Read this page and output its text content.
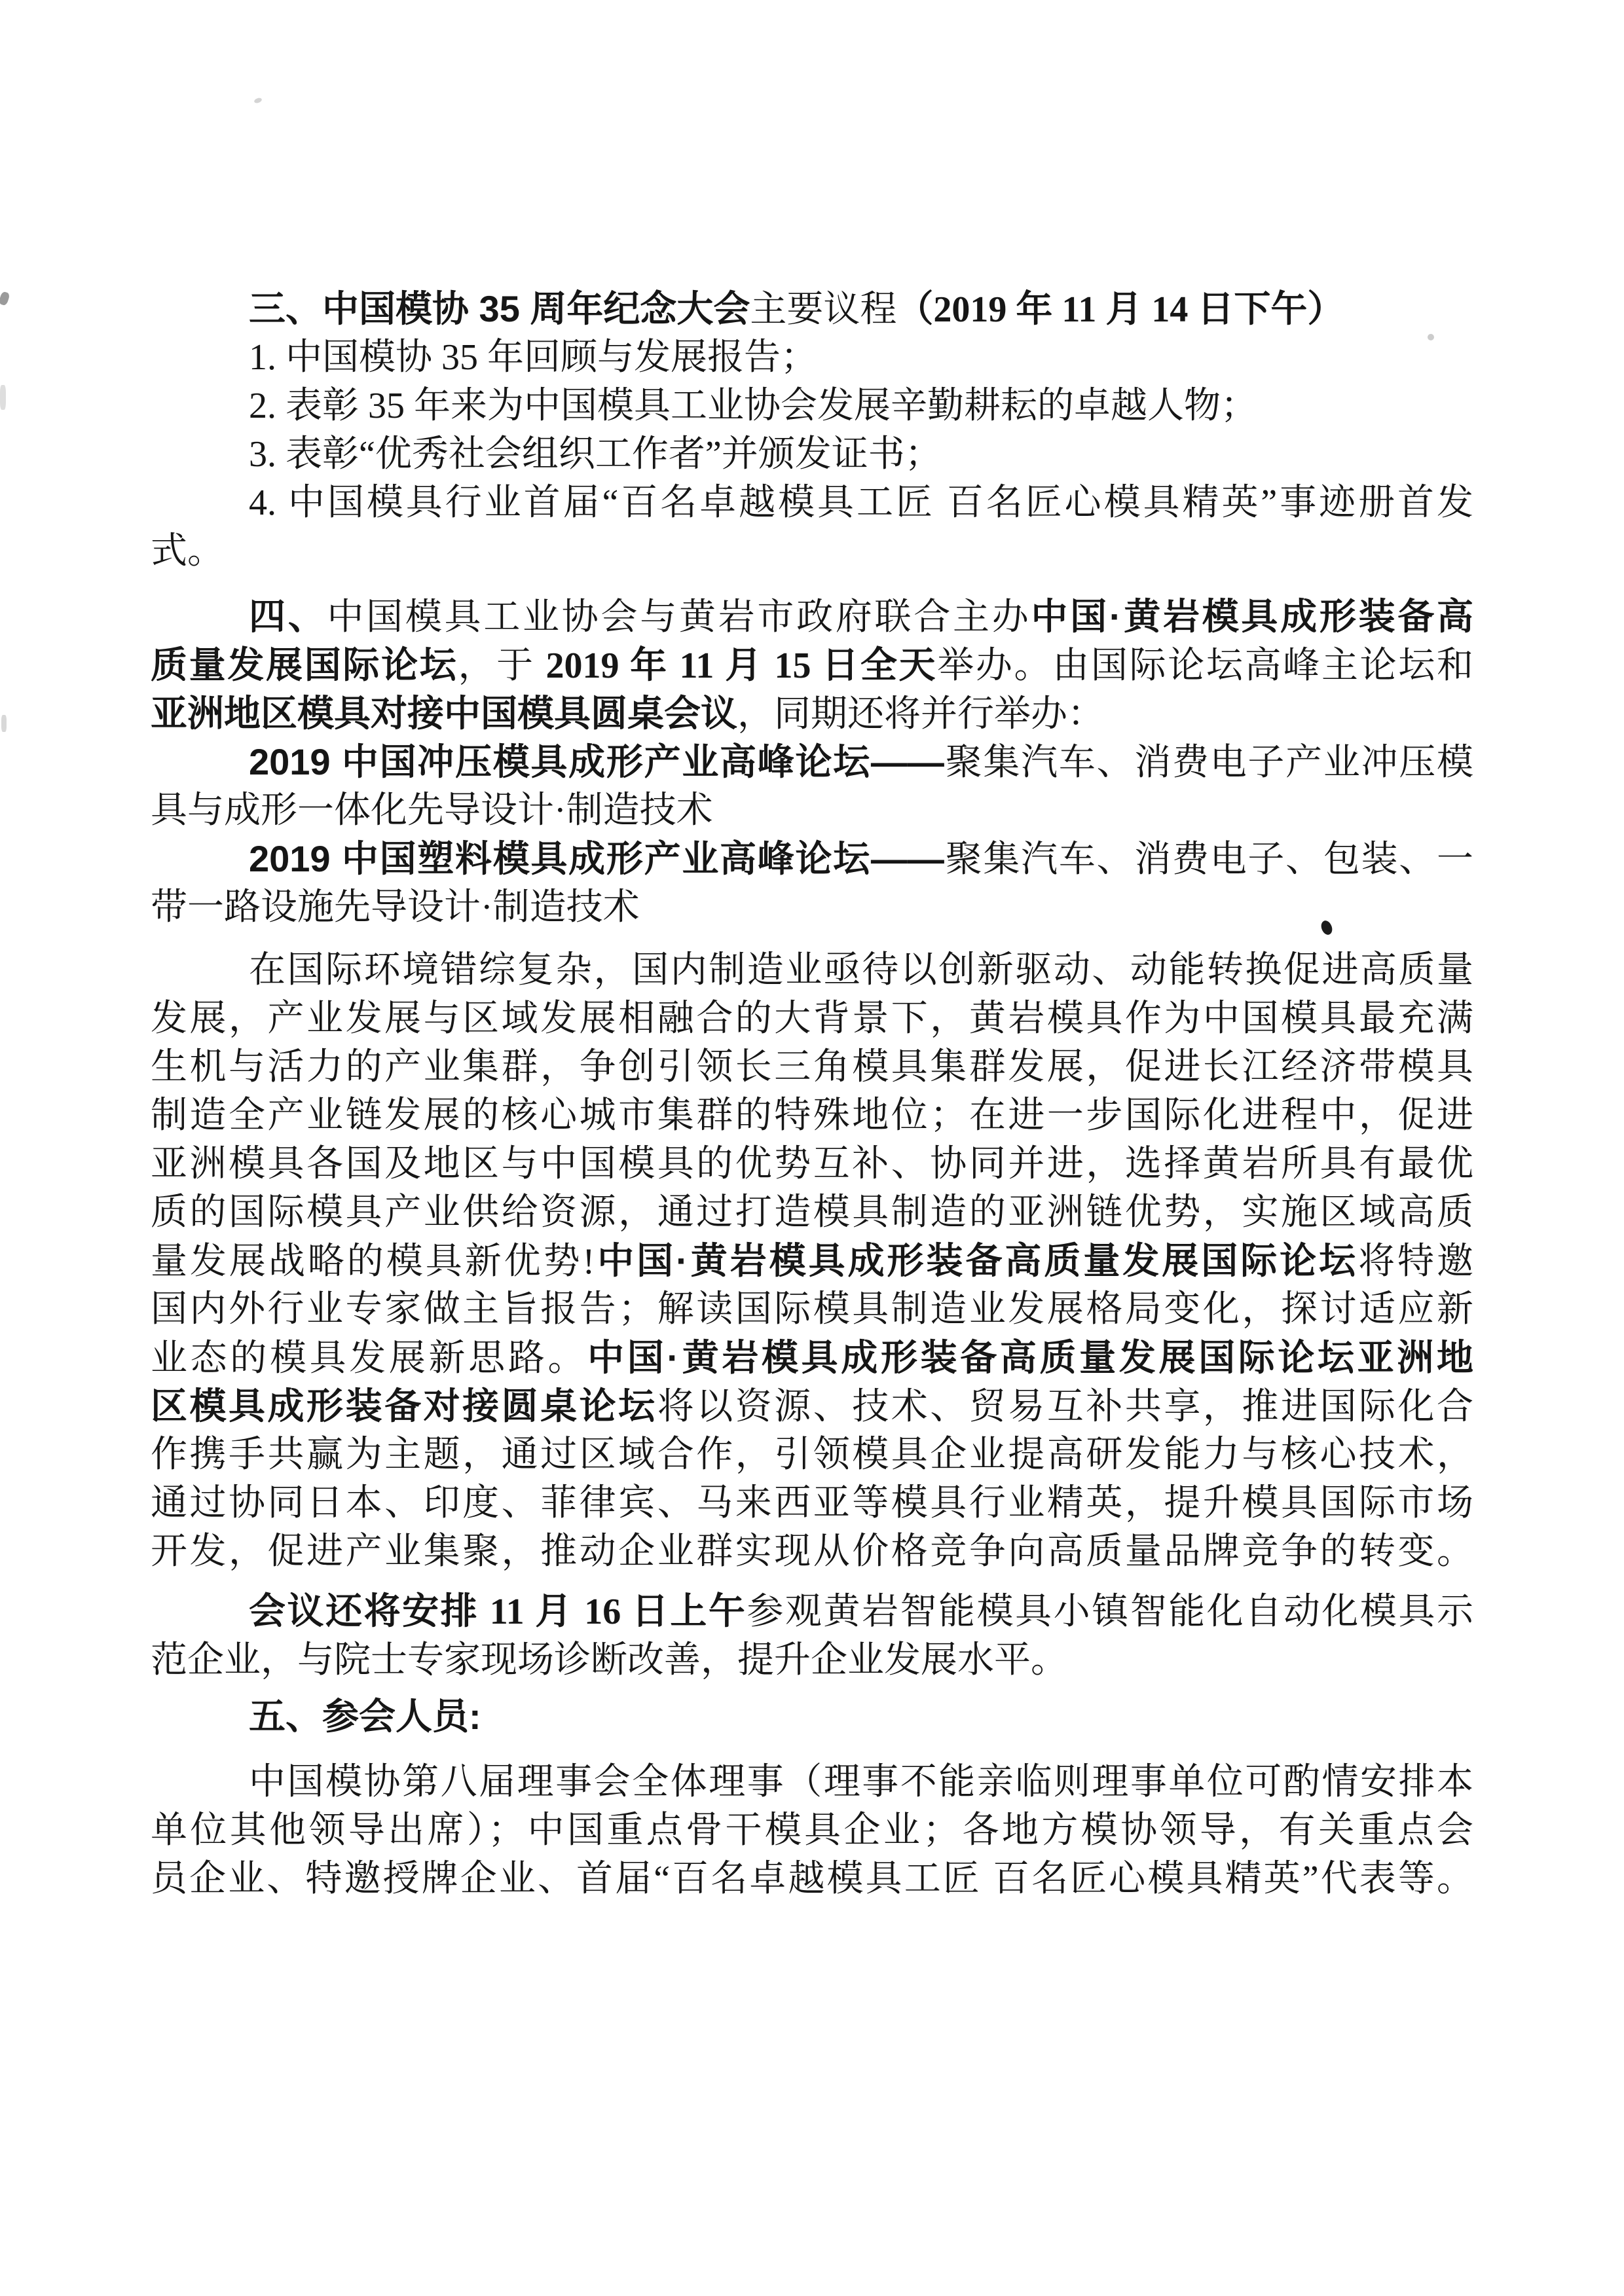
三、中国模协 35 周年纪念大会主要议程（2019 年 11 月 14 日下午）
1. 中国模协 35 年回顾与发展报告；
2. 表彰 35 年来为中国模具工业协会发展辛勤耕耘的卓越人物；
3. 表彰“优秀社会组织工作者”并颁发证书；
4. 中国模具行业首届“百名卓越模具工匠 百名匠心模具精英”事迹册首发
式。
四、中国模具工业协会与黄岩市政府联合主办中国·黄岩模具成形装备高
质量发展国际论坛，于 2019 年 11 月 15 日全天举办。由国际论坛高峰主论坛和
亚洲地区模具对接中国模具圆桌会议，同期还将并行举办：
2019 中国冲压模具成形产业高峰论坛——聚集汽车、消费电子产业冲压模
具与成形一体化先导设计·制造技术
2019 中国塑料模具成形产业高峰论坛——聚集汽车、消费电子、包装、一
带一路设施先导设计·制造技术
在国际环境错综复杂，国内制造业亟待以创新驱动、动能转换促进高质量
发展，产业发展与区域发展相融合的大背景下，黄岩模具作为中国模具最充满
生机与活力的产业集群，争创引领长三角模具集群发展，促进长江经济带模具
制造全产业链发展的核心城市集群的特殊地位；在进一步国际化进程中，促进
亚洲模具各国及地区与中国模具的优势互补、协同并进，选择黄岩所具有最优
质的国际模具产业供给资源，通过打造模具制造的亚洲链优势，实施区域高质
量发展战略的模具新优势!中国·黄岩模具成形装备高质量发展国际论坛将特邀
国内外行业专家做主旨报告；解读国际模具制造业发展格局变化，探讨适应新
业态的模具发展新思路。中国·黄岩模具成形装备高质量发展国际论坛亚洲地
区模具成形装备对接圆桌论坛将以资源、技术、贸易互补共享，推进国际化合
作携手共赢为主题，通过区域合作，引领模具企业提高研发能力与核心技术，
通过协同日本、印度、菲律宾、马来西亚等模具行业精英，提升模具国际市场
开发，促进产业集聚，推动企业群实现从价格竞争向高质量品牌竞争的转变。
会议还将安排 11 月 16 日上午参观黄岩智能模具小镇智能化自动化模具示
范企业，与院士专家现场诊断改善，提升企业发展水平。
五、参会人员:
中国模协第八届理事会全体理事（理事不能亲临则理事单位可酌情安排本
单位其他领导出席）；中国重点骨干模具企业；各地方模协领导，有关重点会
员企业、特邀授牌企业、首届“百名卓越模具工匠 百名匠心模具精英”代表等。
